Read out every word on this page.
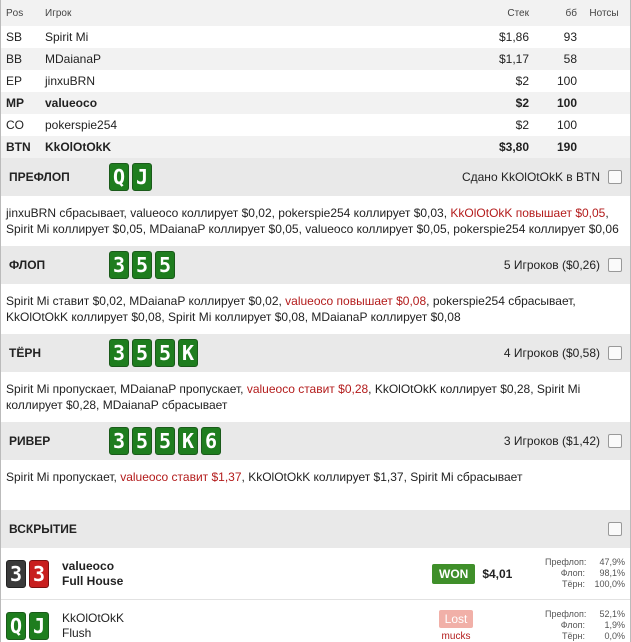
Pos	Игрок	Стек	бб	Нотсы
SB	Spirit Mi	$1,86	93
BB	MDaianaP	$1,17	58
EP	jinxuBRN	$2	100
MP	valueoco	$2	100
CO	pokerspie254	$2	100
BTN	KkOlOtOkK	$3,80	190
ПРЕФЛОП	Q J	Сдано KkOlOtOkK в BTN
jinxuBRN сбрасывает, valueoco коллирует $0,02, pokerspie254 коллирует $0,03, KkOlOtOkK повышает $0,05, Spirit Mi коллирует $0,05, MDaianaP коллирует $0,05, valueoco коллирует $0,05, pokerspie254 коллирует $0,06
ФЛОП	3 5 5	5 Игроков ($0,26)
Spirit Mi ставит $0,02, MDaianaP коллирует $0,02, valueoco повышает $0,08, pokerspie254 сбрасывает, KkOlOtOkK коллирует $0,08, Spirit Mi коллирует $0,08, MDaianaP коллирует $0,08
ТЁРН	3 5 5 K	4 Игроков ($0,58)
Spirit Mi пропускает, MDaianaP пропускает, valueoco ставит $0,28, KkOlOtOkK коллирует $0,28, Spirit Mi коллирует $0,28, MDaianaP сбрасывает
РИВЕР	3 5 5 K 6	3 Игроков ($1,42)
Spirit Mi пропускает, valueoco ставит $1,37, KkOlOtOkK коллирует $1,37, Spirit Mi сбрасывает
ВСКРЫТИЕ
3 3	valueoco
Full House	WON	$4,01
Префлоп:	47,9%
Флоп:	98,1%
Тёрн:	100,0%
Q J	KkOlOtOkK
Flush
Lost
mucks
Префлоп:	52,1%
Флоп:	1,9%
Тёрн:	0,0%
